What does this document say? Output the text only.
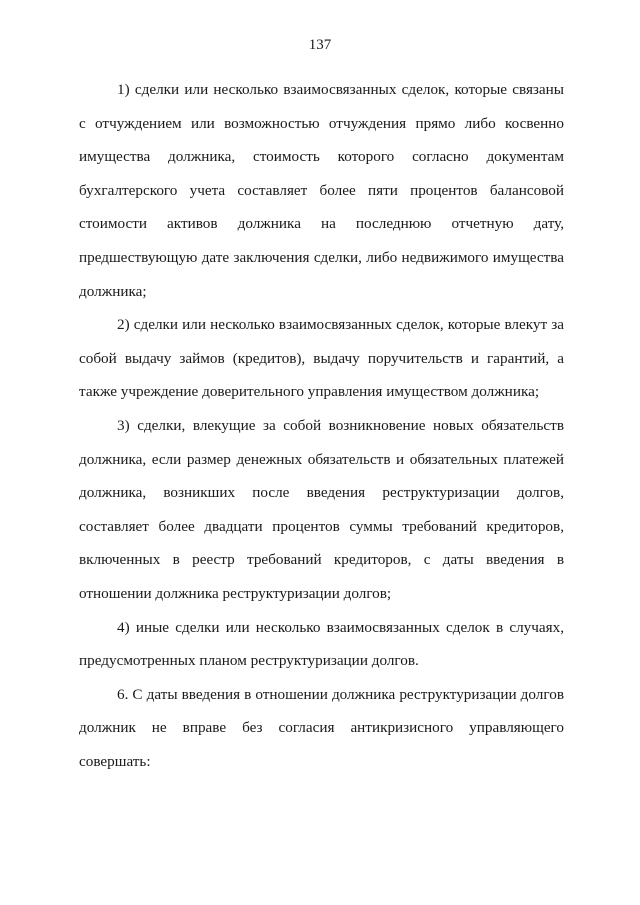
137

1) сделки или несколько взаимосвязанных сделок, которые связаны с отчуждением или возможностью отчуждения прямо либо косвенно имущества должника, стоимость которого согласно документам бухгалтерского учета составляет более пяти процентов балансовой стоимости активов должника на последнюю отчетную дату, предшествующую дате заключения сделки, либо недвижимого имущества должника;

2) сделки или несколько взаимосвязанных сделок, которые влекут за собой выдачу займов (кредитов), выдачу поручительств и гарантий, а также учреждение доверительного управления имуществом должника;

3) сделки, влекущие за собой возникновение новых обязательств должника, если размер денежных обязательств и обязательных платежей должника, возникших после введения реструктуризации долгов, составляет более двадцати процентов суммы требований кредиторов, включенных в реестр требований кредиторов, с даты введения в отношении должника реструктуризации долгов;

4) иные сделки или несколько взаимосвязанных сделок в случаях, предусмотренных планом реструктуризации долгов.

6. С даты введения в отношении должника реструктуризации долгов должник не вправе без согласия антикризисного управляющего совершать:
